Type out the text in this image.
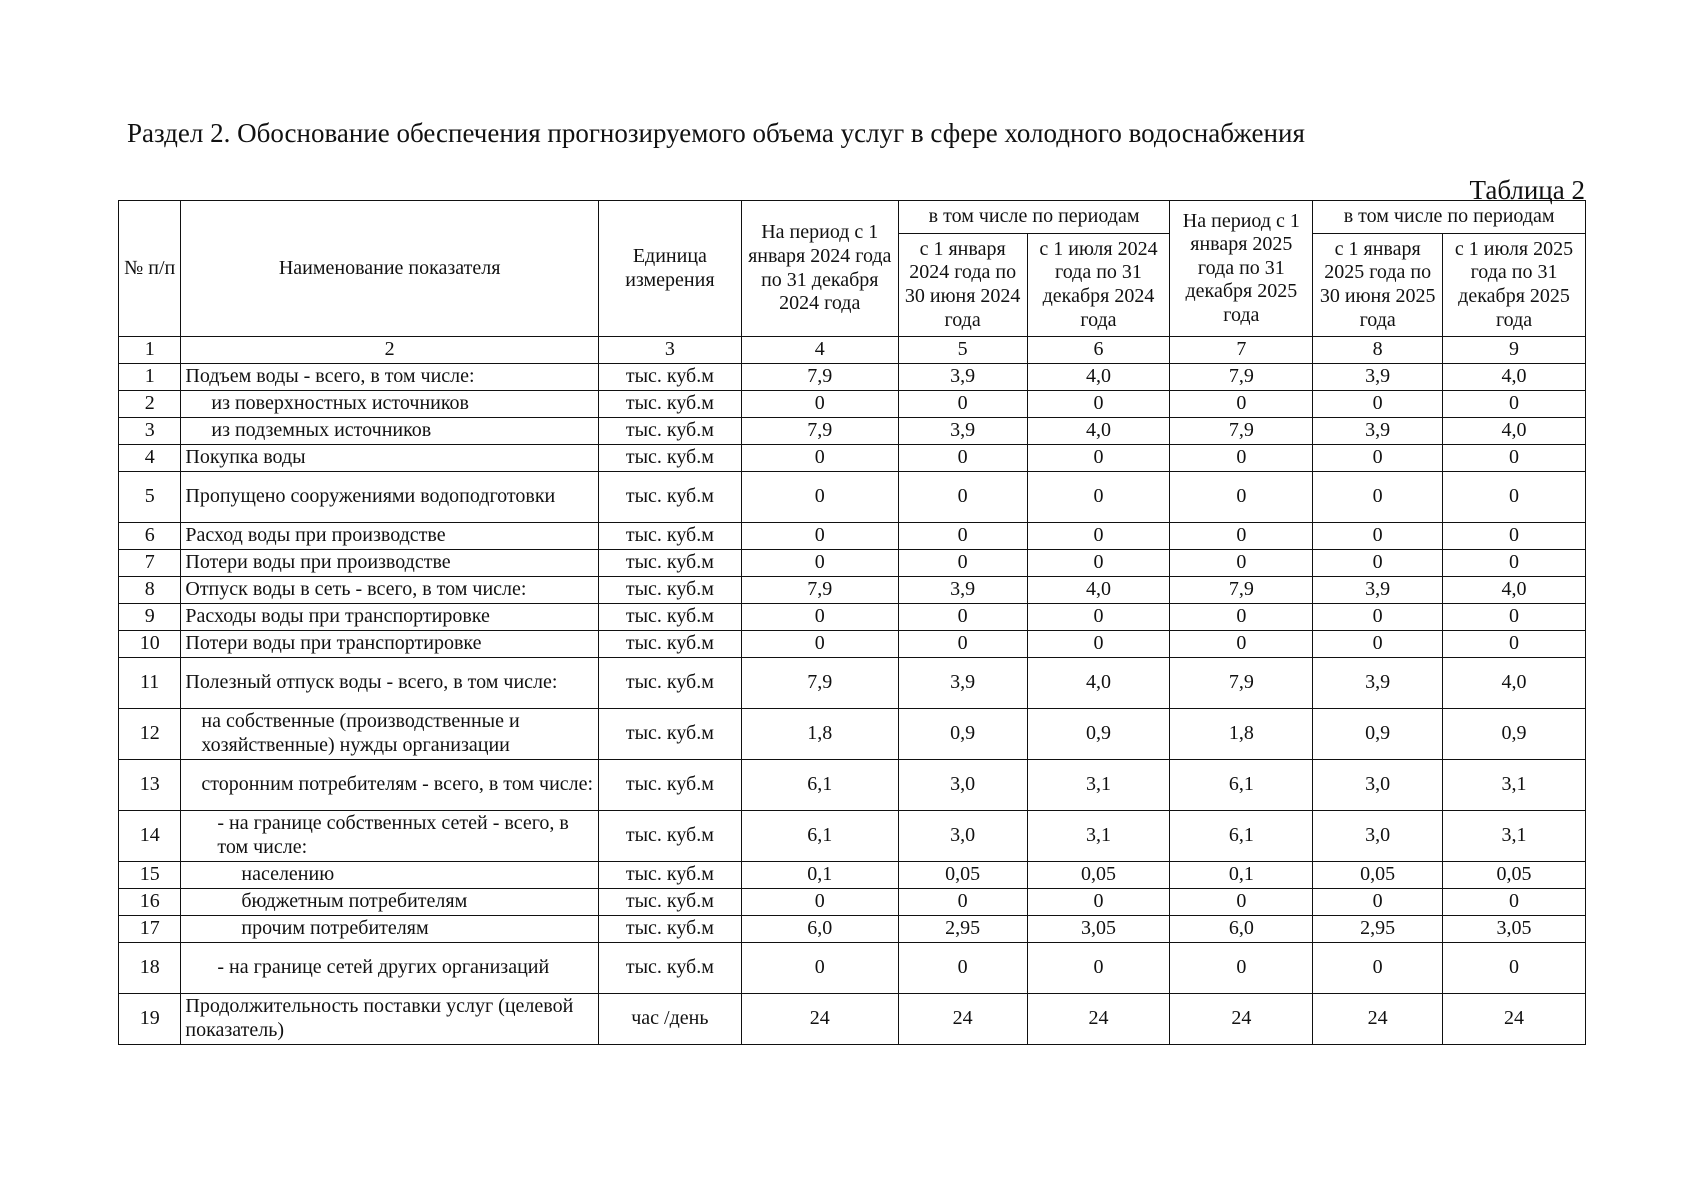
Раздел 2. Обоснование обеспечения прогнозируемого объема услуг в сфере холодного водоснабжения
Таблица 2
№ п/п	Наименование показателя	Единица измерения	На период с 1 января 2024 года по 31 декабря 2024 года	в том числе по периодам		На период с 1 января 2025 года по 31 декабря 2025 года	в том числе по периодам	
				с 1 января 2024 года по 30 июня 2024 года	с 1 июля 2024 года по 31 декабря 2024 года		с 1 января 2025 года по 30 июня 2025 года	с 1 июля 2025 года по 31 декабря 2025 года
1	2	3	4	5	6	7	8	9
1	Подъем воды - всего, в том числе:	тыс. куб.м	7,9	3,9	4,0	7,9	3,9	4,0
2	из поверхностных источников	тыс. куб.м	0	0	0	0	0	0
3	из подземных источников	тыс. куб.м	7,9	3,9	4,0	7,9	3,9	4,0
4	Покупка воды	тыс. куб.м	0	0	0	0	0	0
5	Пропущено сооружениями водоподготовки	тыс. куб.м	0	0	0	0	0	0
6	Расход воды при производстве	тыс. куб.м	0	0	0	0	0	0
7	Потери воды при производстве	тыс. куб.м	0	0	0	0	0	0
8	Отпуск воды в сеть - всего, в том числе:	тыс. куб.м	7,9	3,9	4,0	7,9	3,9	4,0
9	Расходы воды при транспортировке	тыс. куб.м	0	0	0	0	0	0
10	Потери воды при транспортировке	тыс. куб.м	0	0	0	0	0	0
11	Полезный отпуск воды - всего, в том числе:	тыс. куб.м	7,9	3,9	4,0	7,9	3,9	4,0
12	на собственные (производственные и хозяйственные) нужды организации	тыс. куб.м	1,8	0,9	0,9	1,8	0,9	0,9
13	сторонним потребителям - всего, в том числе:	тыс. куб.м	6,1	3,0	3,1	6,1	3,0	3,1
14	- на границе собственных сетей - всего, в том числе:	тыс. куб.м	6,1	3,0	3,1	6,1	3,0	3,1
15	населению	тыс. куб.м	0,1	0,05	0,05	0,1	0,05	0,05
16	бюджетным потребителям	тыс. куб.м	0	0	0	0	0	0
17	прочим потребителям	тыс. куб.м	6,0	2,95	3,05	6,0	2,95	3,05
18	- на границе сетей других организаций	тыс. куб.м	0	0	0	0	0	0
19	Продолжительность поставки услуг (целевой показатель)	час /день	24	24	24	24	24	24
